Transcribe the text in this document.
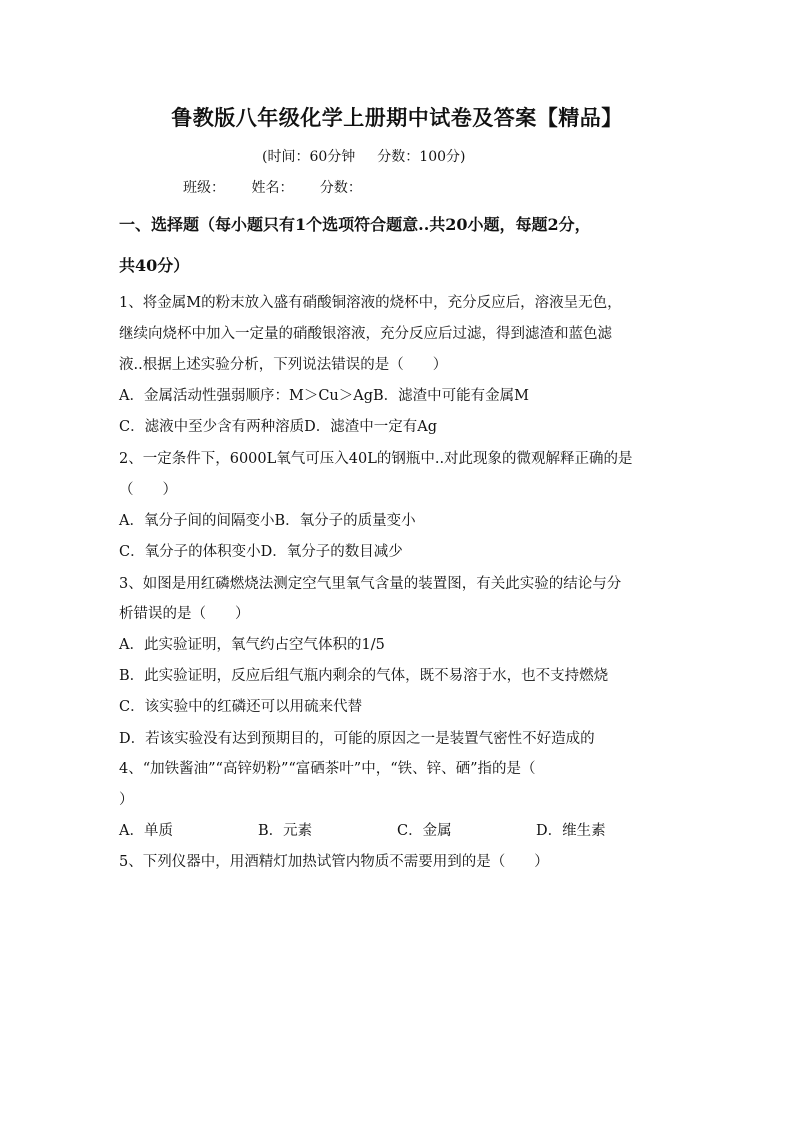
鲁教版八年级化学上册期中试卷及答案【精品】
(时间：60分钟 分数：100分)
班级： 姓名： 分数：
一、选择题（每小题只有1个选项符合题意..共20小题，每题2分，
共40分）
1、将金属M的粉末放入盛有硝酸铜溶液的烧杯中，充分反应后，溶液呈无色，
继续向烧杯中加入一定量的硝酸银溶液，充分反应后过滤，得到滤渣和蓝色滤
液..根据上述实验分析，下列说法错误的是（　　）
A．金属活动性强弱顺序：M＞Cu＞AgB．滤渣中可能有金属M
C．滤液中至少含有两种溶质D．滤渣中一定有Ag
2、一定条件下，6000L氧气可压入40L的钢瓶中..对此现象的微观解释正确的是
（　　）
A．氧分子间的间隔变小B．氧分子的质量变小
C．氧分子的体积变小D．氧分子的数目减少
3、如图是用红磷燃烧法测定空气里氧气含量的装置图，有关此实验的结论与分
析错误的是（　　）
A．此实验证明，氧气约占空气体积的1/5
B．此实验证明，反应后组气瓶内剩余的气体，既不易溶于水，也不支持燃烧
C．该实验中的红磷还可以用硫来代替
D．若该实验没有达到预期目的，可能的原因之一是装置气密性不好造成的
4、“加铁酱油”“高锌奶粉”“富硒茶叶”中，“铁、锌、硒”指的是（
）
A．单质	B．元素	C．金属	D．维生素
5、下列仪器中，用酒精灯加热试管内物质不需要用到的是（　　）
